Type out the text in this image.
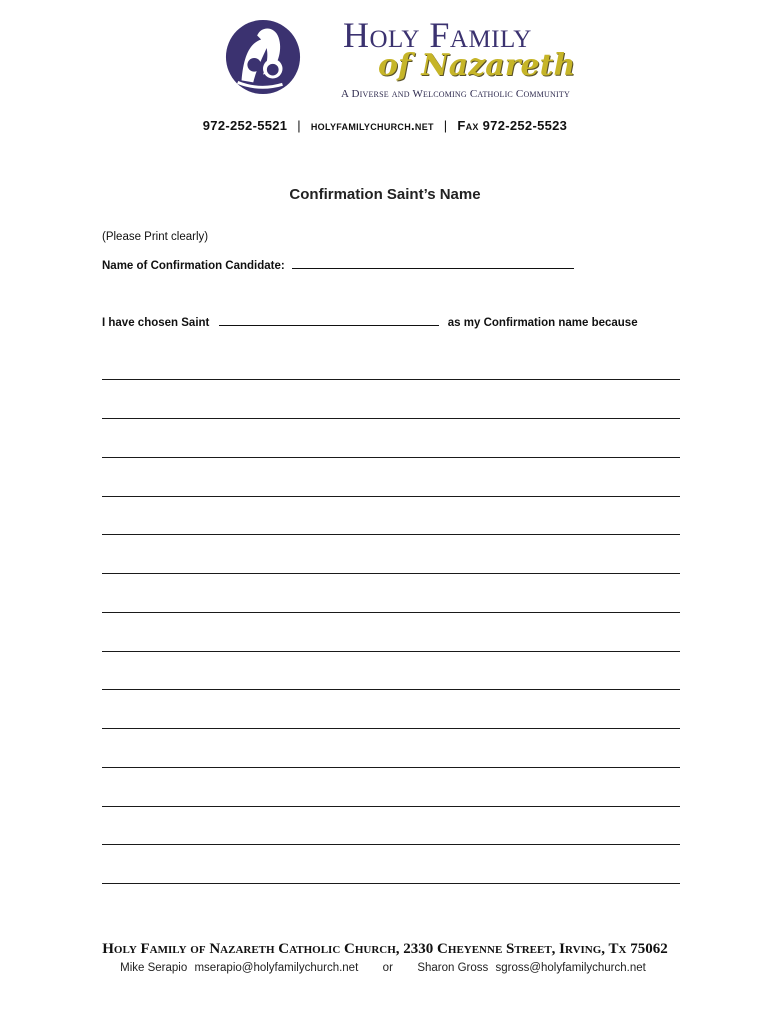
Holy Family
of Nazareth
A Diverse and Welcoming Catholic Community
972-252-5521 | holyfamilychurch.net | Fax 972-252-5523
Confirmation Saint’s Name
(Please Print clearly)
Name of Confirmation Candidate:
I have chosen Saint	as my Confirmation name because
Holy Family of Nazareth Catholic Church, 2330 Cheyenne Street, Irving, Tx 75062
Mike Serapio mserapio@holyfamilychurch.net or Sharon Gross sgross@holyfamilychurch.net
